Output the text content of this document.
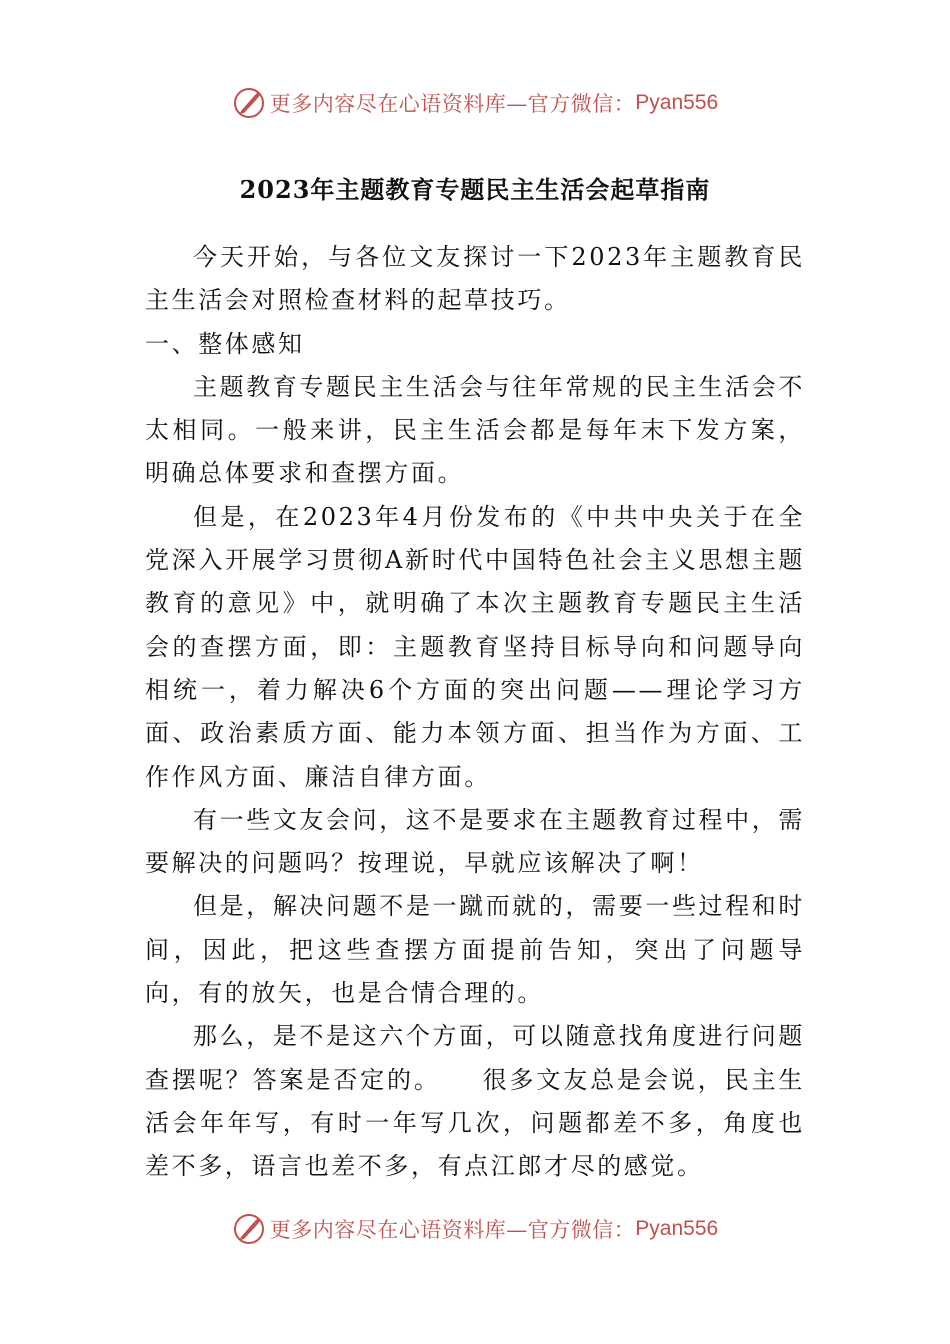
更多内容尽在心语资料库—官方微信： Pyan556
2023年主题教育专题民主生活会起草指南

今天开始，与各位文友探讨一下2023年主题教育民主生活会对照检查材料的起草技巧。

一、整体感知

主题教育专题民主生活会与往年常规的民主生活会不太相同。一般来讲，民主生活会都是每年末下发方案，明确总体要求和查摆方面。

但是，在2023年4月份发布的《中共中央关于在全党深入开展学习贯彻A新时代中国特色社会主义思想主题教育的意见》中，就明确了本次主题教育专题民主生活会的查摆方面，即：主题教育坚持目标导向和问题导向相统一，着力解决6个方面的突出问题——理论学习方面、政治素质方面、能力本领方面、担当作为方面、工作作风方面、廉洁自律方面。

有一些文友会问，这不是要求在主题教育过程中，需要解决的问题吗？按理说，早就应该解决了啊！

但是，解决问题不是一蹴而就的，需要一些过程和时间，因此，把这些查摆方面提前告知，突出了问题导向，有的放矢，也是合情合理的。

那么，是不是这六个方面，可以随意找角度进行问题查摆呢？答案是否定的。　　很多文友总是会说，民主生活会年年写，有时一年写几次，问题都差不多，角度也差不多，语言也差不多，有点江郎才尽的感觉。

更多内容尽在心语资料库—官方微信： Pyan556
